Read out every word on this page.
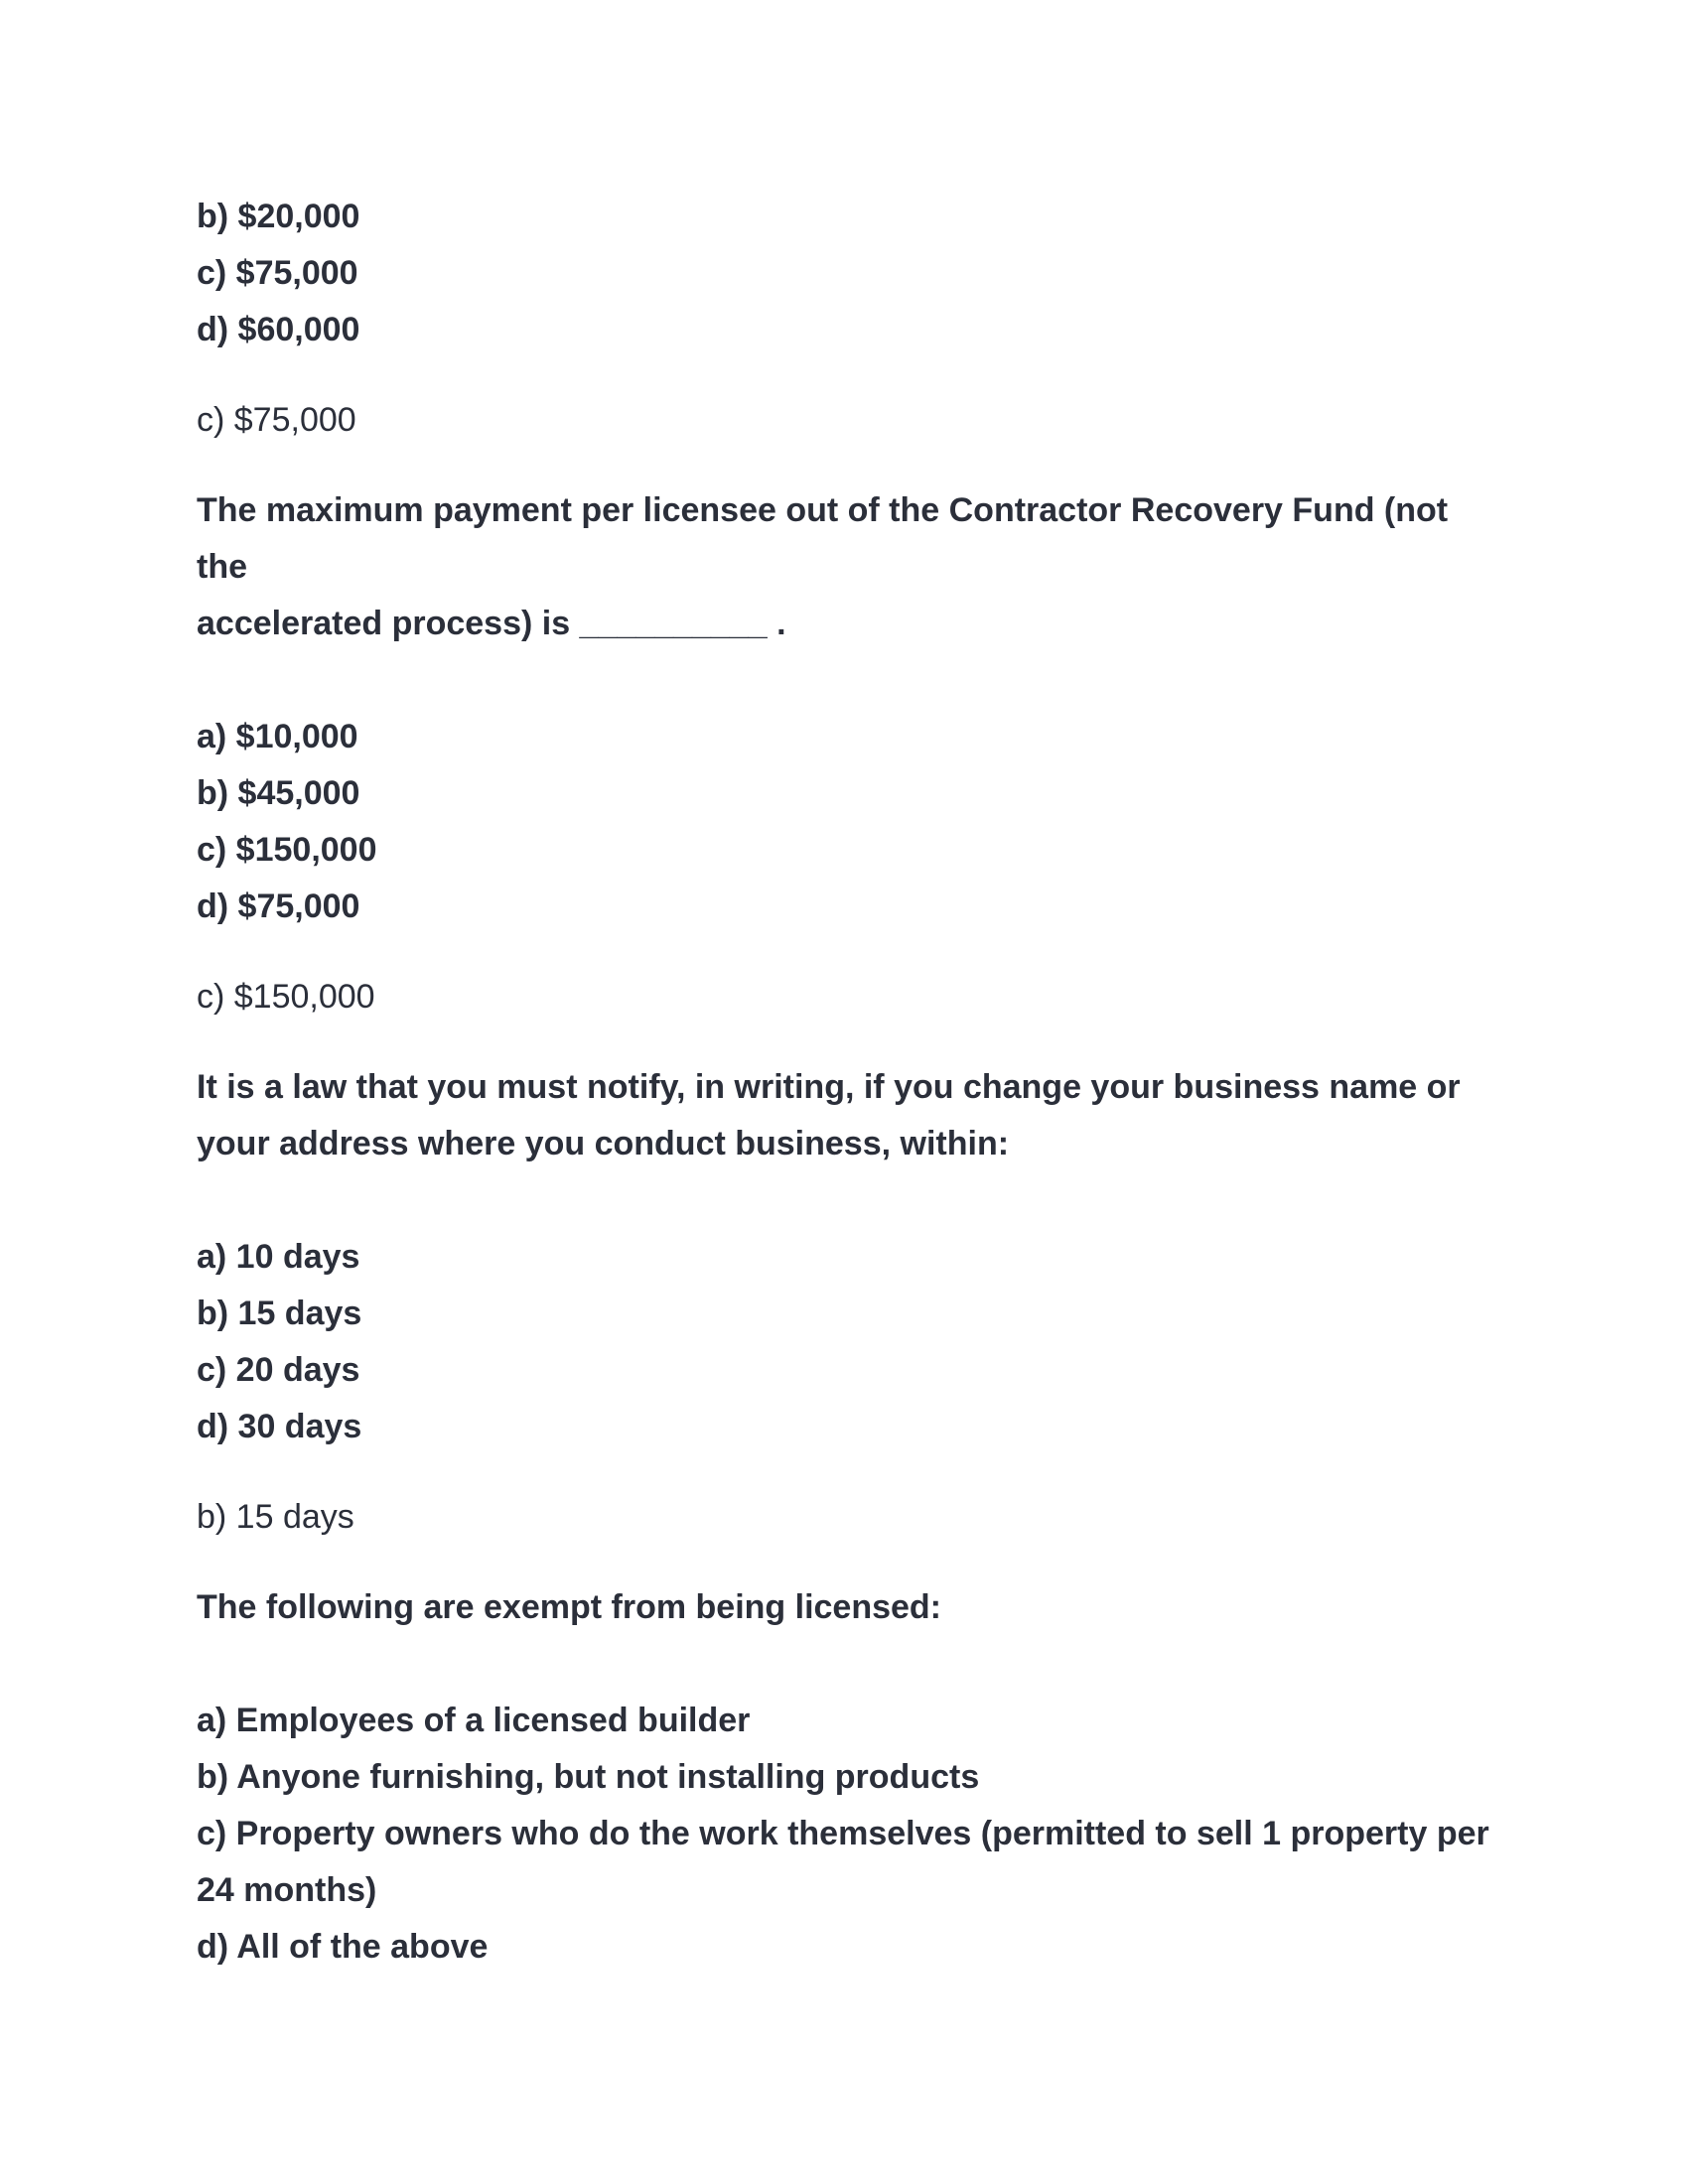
b) $20,000
c) $75,000
d) $60,000
c) $75,000
The maximum payment per licensee out of the Contractor Recovery Fund (not the
accelerated process) is __________ .
a) $10,000
b) $45,000
c) $150,000
d) $75,000
c) $150,000
It is a law that you must notify, in writing, if you change your business name or
your address where you conduct business, within:
a) 10 days
b) 15 days
c) 20 days
d) 30 days
b) 15 days
The following are exempt from being licensed:
a) Employees of a licensed builder
b) Anyone furnishing, but not installing products
c) Property owners who do the work themselves (permitted to sell 1 property per
24 months)
d) All of the above
